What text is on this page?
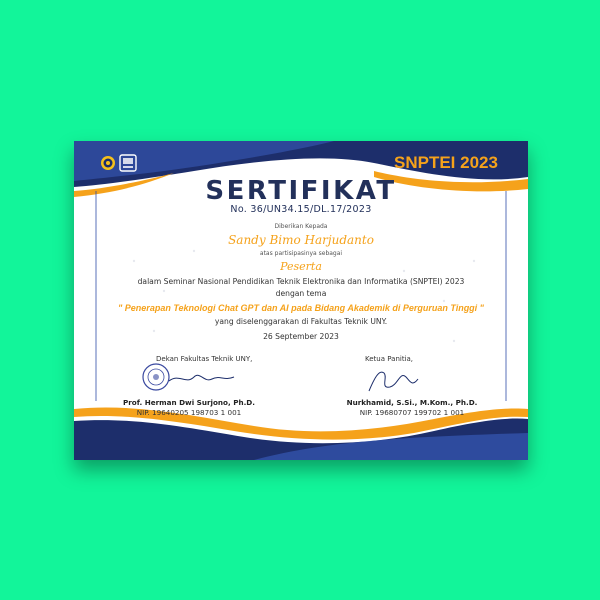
SNPTEI 2023
SERTIFIKAT
No. 36/UN34.15/DL.17/2023
Diberikan Kepada
Sandy Bimo Harjudanto
atas partisipasinya sebagai
Peserta
dalam Seminar Nasional Pendidikan Teknik Elektronika dan Informatika (SNPTEI) 2023
dengan tema
" Penerapan Teknologi Chat GPT dan AI pada Bidang Akademik di Perguruan Tinggi "
yang diselenggarakan di Fakultas Teknik UNY.
26 September 2023
Dekan Fakultas Teknik UNY,	Ketua Panitia,
Prof. Herman Dwi Surjono, Ph.D.
NIP. 19640205 198703 1 001
Nurkhamid, S.Si., M.Kom., Ph.D.
NIP. 19680707 199702 1 001
